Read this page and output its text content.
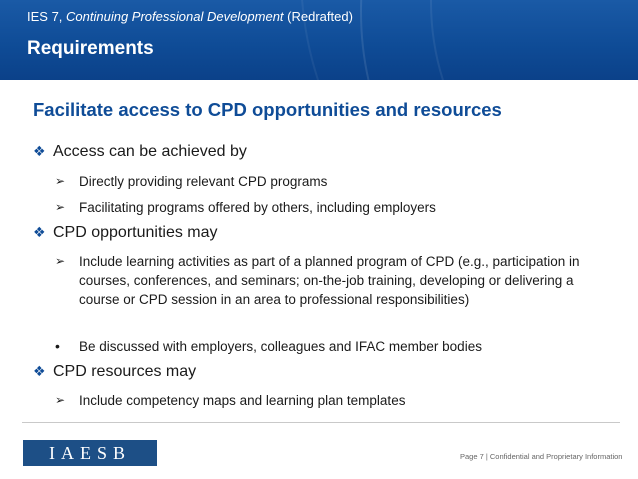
IES 7, Continuing Professional Development (Redrafted)
Requirements
Facilitate access to CPD opportunities and resources
❖ Access can be achieved by
➢	Directly providing relevant CPD programs
➢	Facilitating programs offered by others, including employers
❖ CPD opportunities may
➢	Include learning activities as part of a planned program of CPD (e.g., participation in courses, conferences, and seminars; on-the-job training, developing or delivering a course or CPD session in an area to professional responsibilities)
•	Be discussed with employers, colleagues and IFAC member bodies
❖ CPD resources may
➢	Include competency maps and learning plan templates
IAESB	Page 7 | Confidential and Proprietary Information
